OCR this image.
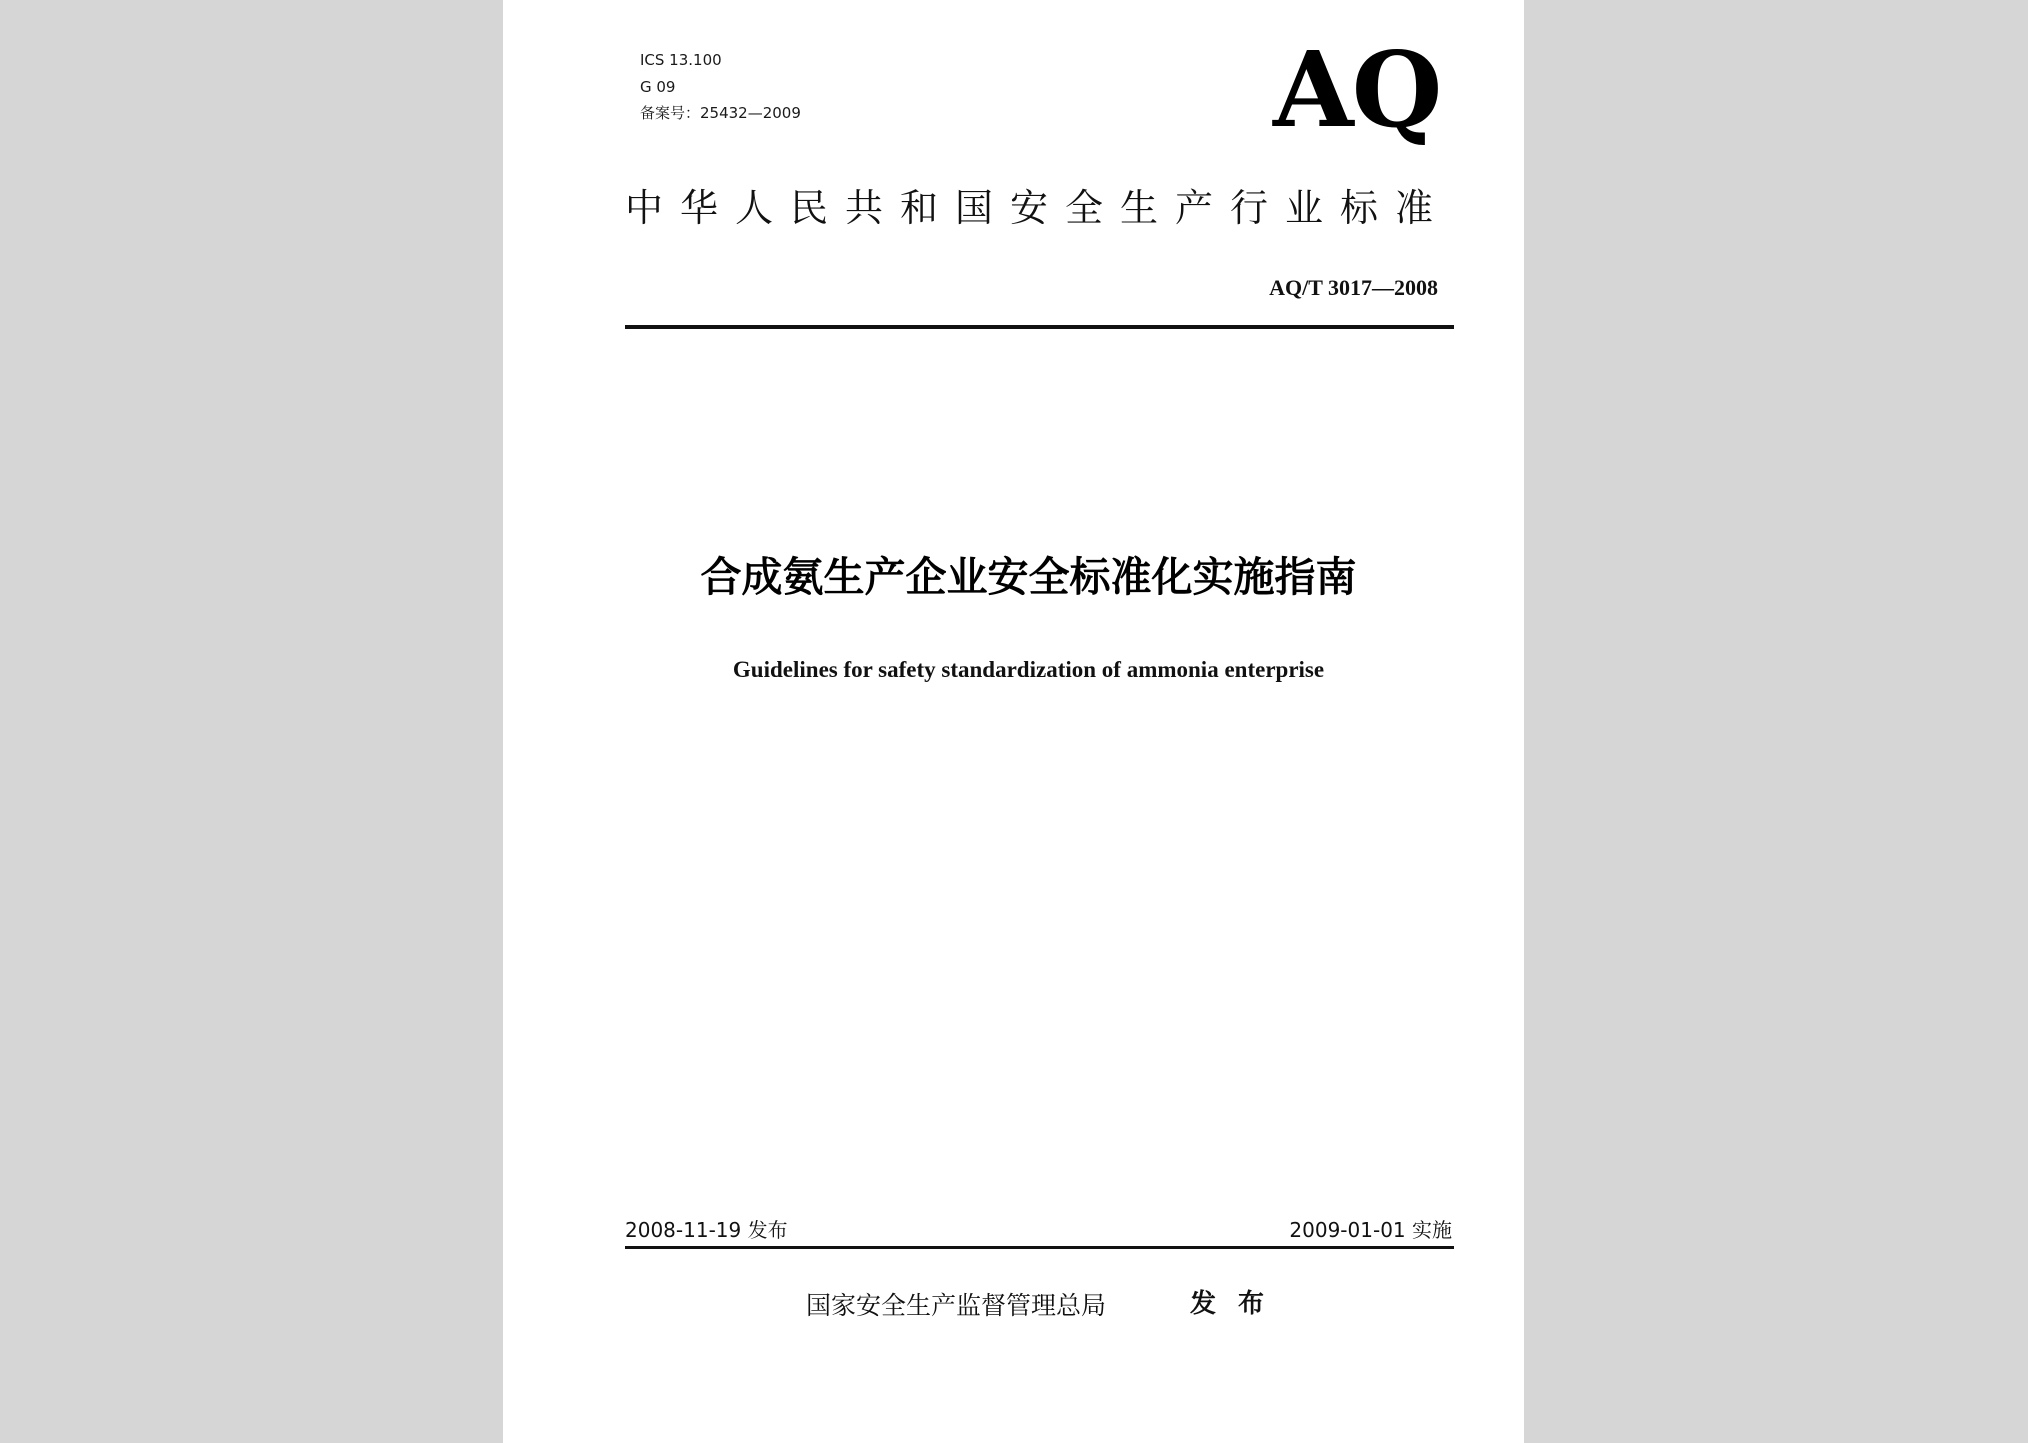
ICS 13.100
G 09
备案号：25432—2009	AQ
中华人民共和国安全生产行业标准
AQ/T 3017—2008
合成氨生产企业安全标准化实施指南
Guidelines for safety standardization of ammonia enterprise
2008-11-19 发布	2009-01-01 实施
国家安全生产监督管理总局	发布
